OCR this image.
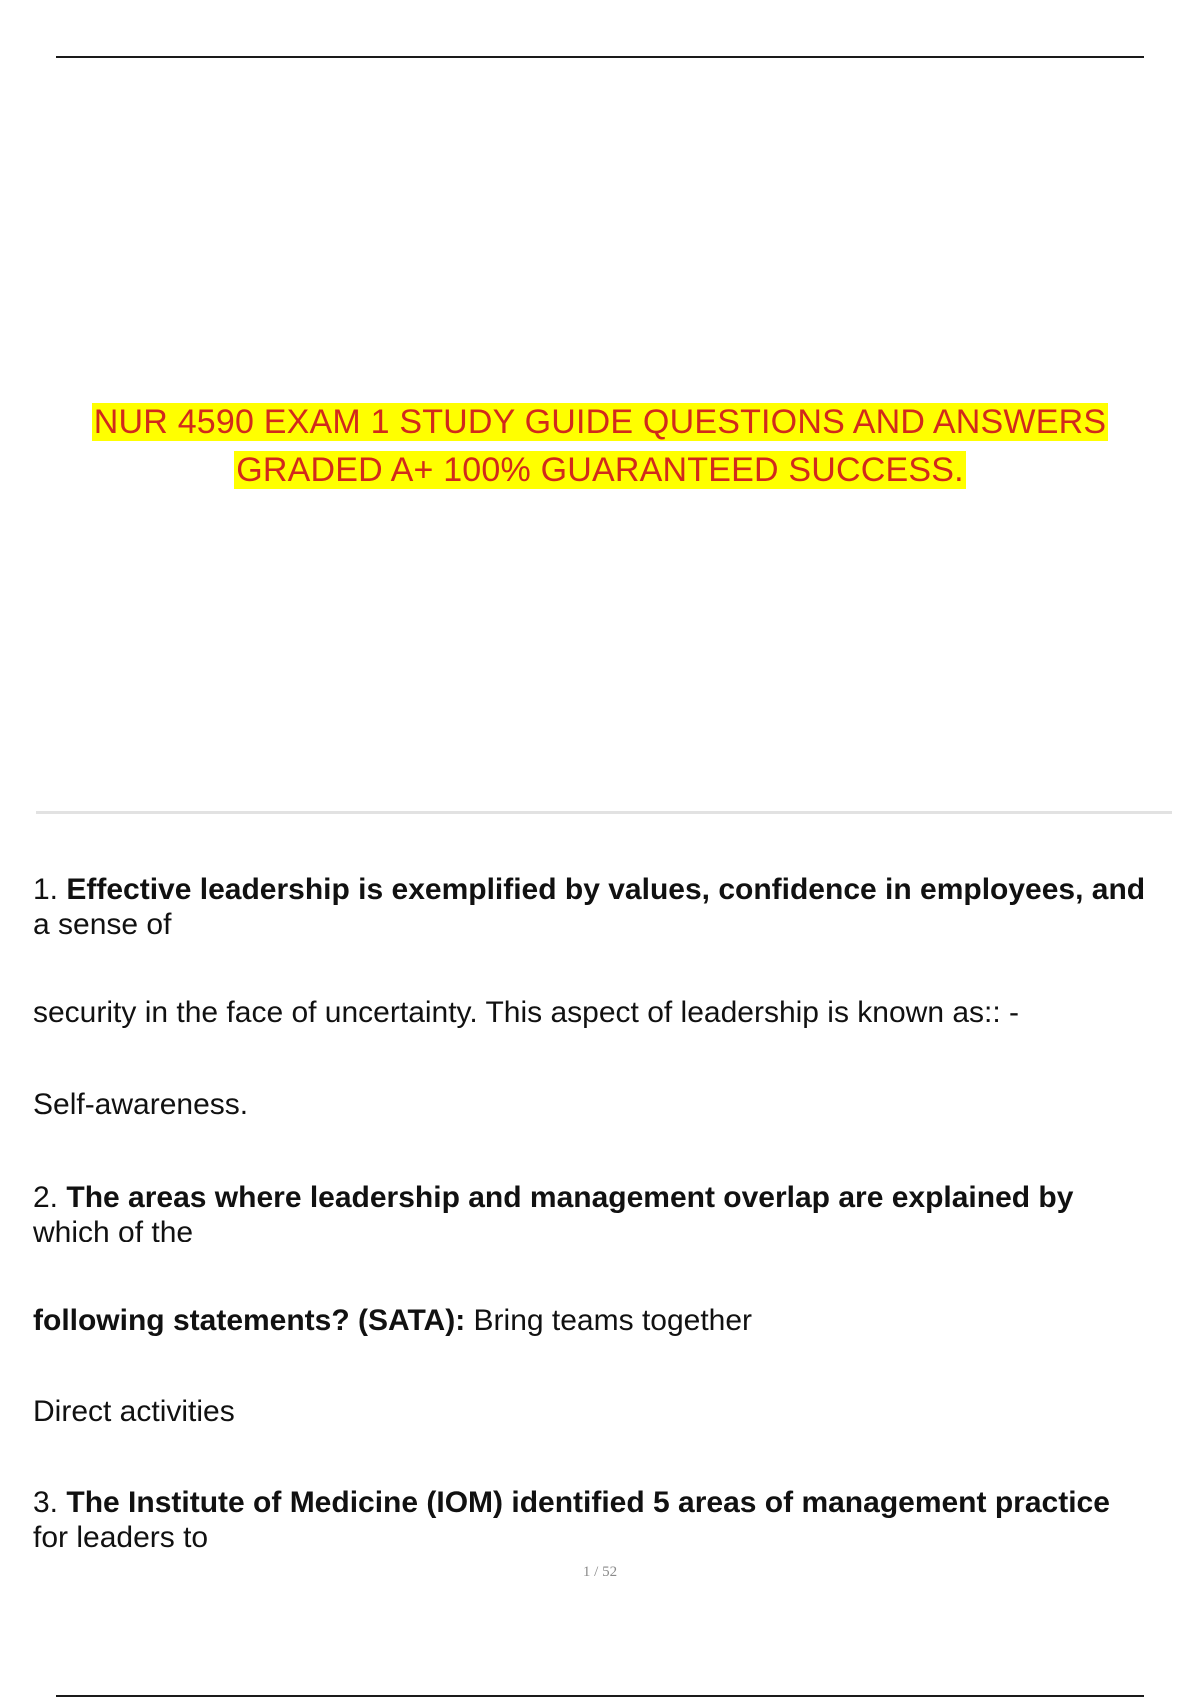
NUR 4590 EXAM 1 STUDY GUIDE QUESTIONS AND ANSWERS
GRADED A+ 100% GUARANTEED SUCCESS.
1. Effective leadership is exemplified by values, confidence in employees, and
a sense of
security in the face of uncertainty. This aspect of leadership is known as:: -
Self-awareness.
2. The areas where leadership and management overlap are explained by
which of the
following statements? (SATA): Bring teams together
Direct activities
3. The Institute of Medicine (IOM) identified 5 areas of management practice
for leaders to
1 / 52
